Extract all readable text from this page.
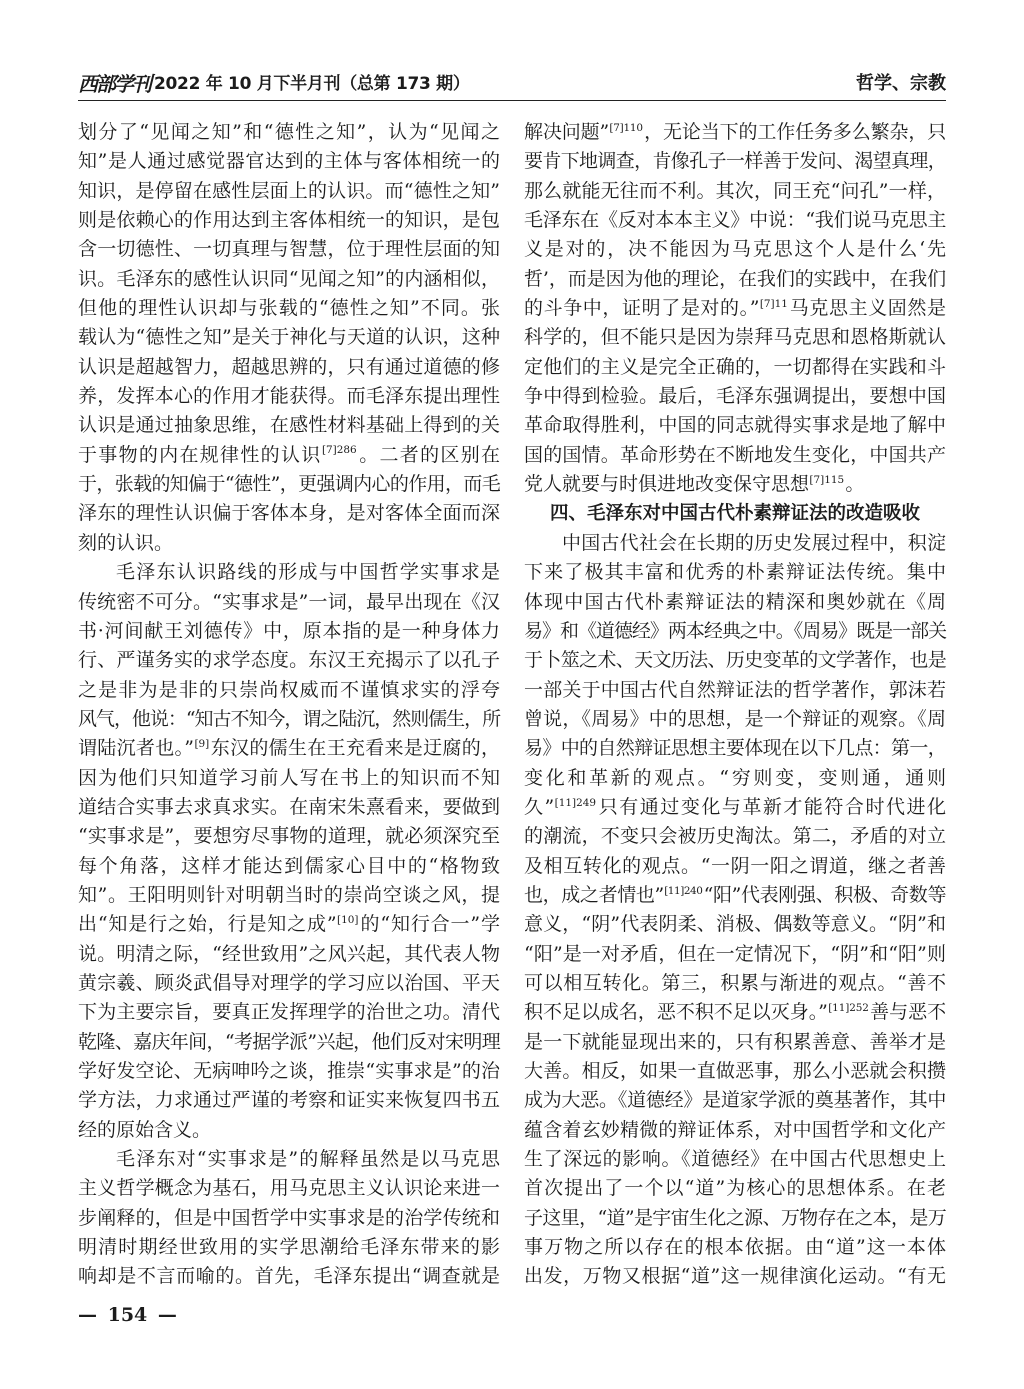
西部学刊 2022 年 10 月下半月刊（总第 173 期）	哲学、宗教
划分了“见闻之知”和“德性之知”，认为“见闻之
知”是人通过感觉器官达到的主体与客体相统一的
知识，是停留在感性层面上的认识。而“德性之知”
则是依赖心的作用达到主客体相统一的知识，是包
含一切德性、一切真理与智慧，位于理性层面的知
识。毛泽东的感性认识同“见闻之知”的内涵相似，
但他的理性认识却与张载的“德性之知”不同。张
载认为“德性之知”是关于神化与天道的认识，这种
认识是超越智力，超越思辨的，只有通过道德的修
养，发挥本心的作用才能获得。而毛泽东提出理性
认识是通过抽象思维，在感性材料基础上得到的关
于事物的内在规律性的认识$^{[7]286}$。二者的区别在
于，张载的知偏于“德性”，更强调内心的作用，而毛
泽东的理性认识偏于客体本身，是对客体全面而深
刻的认识。
毛泽东认识路线的形成与中国哲学实事求是
传统密不可分。“实事求是”一词，最早出现在《汉
书·河间献王刘德传》中，原本指的是一种身体力
行、严谨务实的求学态度。东汉王充揭示了以孔子
之是非为是非的只崇尚权威而不谨慎求实的浮夸
风气，他说：“知古不知今，谓之陆沉，然则儒生，所
谓陆沉者也。”[9]东汉的儒生在王充看来是迂腐的，
因为他们只知道学习前人写在书上的知识而不知
道结合实事去求真求实。在南宋朱熹看来，要做到
“实事求是”，要想穷尽事物的道理，就必须深究至
每个角落，这样才能达到儒家心目中的“格物致
知”。王阳明则针对明朝当时的崇尚空谈之风，提
出“知是行之始，行是知之成”[10]的“知行合一”学
说。明清之际，“经世致用”之风兴起，其代表人物
黄宗羲、顾炎武倡导对理学的学习应以治国、平天
下为主要宗旨，要真正发挥理学的治世之功。清代
乾隆、嘉庆年间，“考据学派”兴起，他们反对宋明理
学好发空论、无病呻吟之谈，推崇“实事求是”的治
学方法，力求通过严谨的考察和证实来恢复四书五
经的原始含义。
毛泽东对“实事求是”的解释虽然是以马克思
主义哲学概念为基石，用马克思主义认识论来进一
步阐释的，但是中国哲学中实事求是的治学传统和
明清时期经世致用的实学思潮给毛泽东带来的影
响却是不言而喻的。首先，毛泽东提出“调查就是
解决问题”$^{[7]110}$，无论当下的工作任务多么繁杂，只
要肯下地调查，肯像孔子一样善于发问、渴望真理，
那么就能无往而不利。其次，同王充“问孔”一样，
毛泽东在《反对本本主义》中说：“我们说马克思主
义是对的，决不能因为马克思这个人是什么‘先
哲’，而是因为他的理论，在我们的实践中，在我们
的斗争中，证明了是对的。”$^{[7]11}$马克思主义固然是
科学的，但不能只是因为崇拜马克思和恩格斯就认
定他们的主义是完全正确的，一切都得在实践和斗
争中得到检验。最后，毛泽东强调提出，要想中国
革命取得胜利，中国的同志就得实事求是地了解中
国的国情。革命形势在不断地发生变化，中国共产
党人就要与时俱进地改变保守思想$^{[7]115}$。
四、毛泽东对中国古代朴素辩证法的改造吸收
中国古代社会在长期的历史发展过程中，积淀
下来了极其丰富和优秀的朴素辩证法传统。集中
体现中国古代朴素辩证法的精深和奥妙就在《周
易》和《道德经》两本经典之中。《周易》既是一部关
于卜筮之术、天文历法、历史变革的文学著作，也是
一部关于中国古代自然辩证法的哲学著作，郭沫若
曾说，《周易》中的思想，是一个辩证的观察。《周
易》中的自然辩证思想主要体现在以下几点：第一，
变化和革新的观点。“穷则变，变则通，通则
久”$^{[11]249}$只有通过变化与革新才能符合时代进化
的潮流，不变只会被历史淘汰。第二，矛盾的对立
及相互转化的观点。“一阴一阳之谓道，继之者善
也，成之者情也”$^{[11]240}$“阳”代表刚强、积极、奇数等
意义，“阴”代表阴柔、消极、偶数等意义。“阴”和
“阳”是一对矛盾，但在一定情况下，“阴”和“阳”则
可以相互转化。第三，积累与渐进的观点。“善不
积不足以成名，恶不积不足以灭身。”$^{[11]252}$善与恶不
是一下就能显现出来的，只有积累善意、善举才是
大善。相反，如果一直做恶事，那么小恶就会积攒
成为大恶。《道德经》是道家学派的奠基著作，其中
蕴含着玄妙精微的辩证体系，对中国哲学和文化产
生了深远的影响。《道德经》在中国古代思想史上
首次提出了一个以“道”为核心的思想体系。在老
子这里，“道”是宇宙生化之源、万物存在之本，是万
事万物之所以存在的根本依据。由“道”这一本体
出发，万物又根据“道”这一规律演化运动。“有无
— 154 —
